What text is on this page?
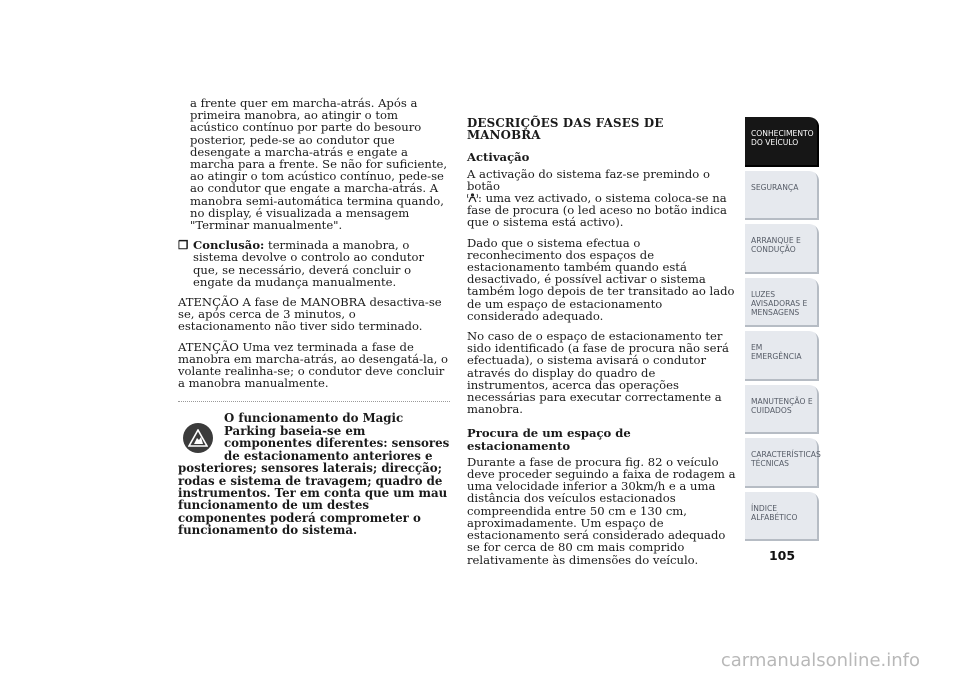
a frente quer em marcha-atrás. Após a primeira manobra, ao atingir o tom acústico contínuo por parte do besouro posterior, pede-se ao condutor que desengate a marcha-atrás e engate a marcha para a frente. Se não for suficiente, ao atingir o tom acústico contínuo, pede-se ao condutor que engate a marcha-atrás. A manobra semi-automática termina quando, no display, é visualizada a mensagem "Terminar manualmente".

❒ Conclusão: terminada a manobra, o sistema devolve o controlo ao condutor que, se necessário, deverá concluir o engate da mudança manualmente.

ATENÇÃO A fase de MANOBRA desactiva-se se, após cerca de 3 minutos, o estacionamento não tiver sido terminado.

ATENÇÃO Uma vez terminada a fase de manobra em marcha-atrás, ao desengatá-la, o volante realinha-se; o condutor deve concluir a manobra manualmente.

O funcionamento do Magic Parking baseia-se em componentes diferentes: sensores de estacionamento anteriores e posteriores; sensores laterais; direcção; rodas e sistema de travagem; quadro de instrumentos. Ter em conta que um mau funcionamento de um destes componentes poderá comprometer o funcionamento do sistema.

DESCRIÇÕES DAS FASES DE MANOBRA

Activação

A activação do sistema faz-se premindo o botão
: uma vez activado, o sistema coloca-se na fase de procura (o led aceso no botão indica que o sistema está activo).

Dado que o sistema efectua o reconhecimento dos espaços de estacionamento também quando está desactivado, é possível activar o sistema também logo depois de ter transitado ao lado de um espaço de estacionamento considerado adequado.

No caso de o espaço de estacionamento ter sido identificado (a fase de procura não será efectuada), o sistema avisará o condutor através do display do quadro de instrumentos, acerca das operações necessárias para executar correctamente a manobra.

Procura de um espaço de estacionamento

Durante a fase de procura fig. 82 o veículo deve proceder seguindo a faixa de rodagem a uma velocidade inferior a 30km/h e a uma distância dos veículos estacionados compreendida entre 50 cm e 130 cm, aproximadamente. Um espaço de estacionamento será considerado adequado se for cerca de 80 cm mais comprido relativamente às dimensões do veículo.

CONHECIMENTO
DO VEÍCULO
SEGURANÇA
ARRANQUE E
CONDUÇÃO
LUZES
AVISADORAS E
MENSAGENS
EM EMERGÊNCIA
MANUTENÇÃO E
CUIDADOS
CARACTERÍSTICAS
TÉCNICAS
ÍNDICE
ALFABÉTICO
105
carmanualsonline.info
